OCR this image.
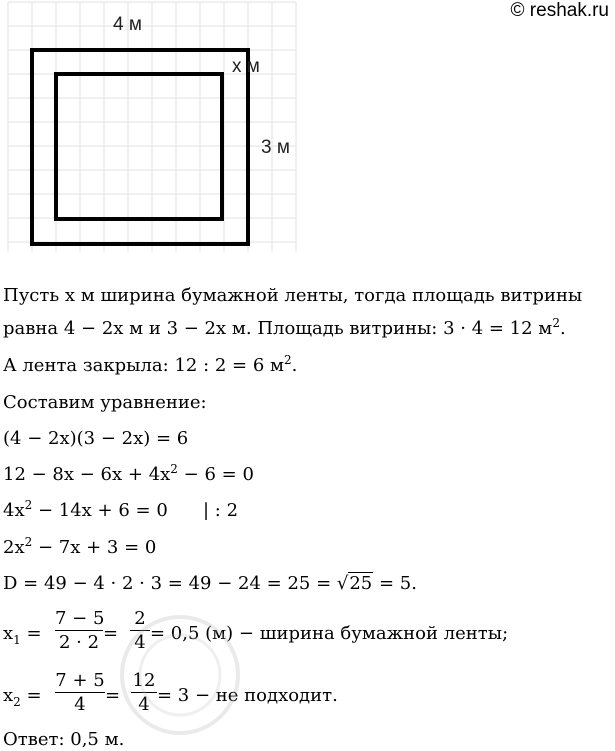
4 м
x м
3 м
© reshak.ru
Пусть x м ширина бумажной ленты, тогда площадь витрины
равна 4 − 2x м и 3 − 2x м. Площадь витрины: 3 · 4 = 12 $м^2$.
А лента закрыла: 12 : 2 = 6 $м^2$.
Составим уравнение:
(4 − 2x)(3 − 2x) = 6
$12 - 8x - 6x + 4x^2 - 6 = 0$
$4x^2 - 14x + 6 = 0$ | : 2
$2x^2 - 7x + 3 = 0$
D = 49 − 4 · 2 · 3 = 49 − 24 = 25 = √25 = 5.
$x_1$ =
7 − 5
2 · 2 =
2
4 = 0,5 (м) − ширина бумажной ленты;
$x_2$ =
7 + 5
4	=
12
4 = 3 − не подходит.
Ответ: 0,5 м.
